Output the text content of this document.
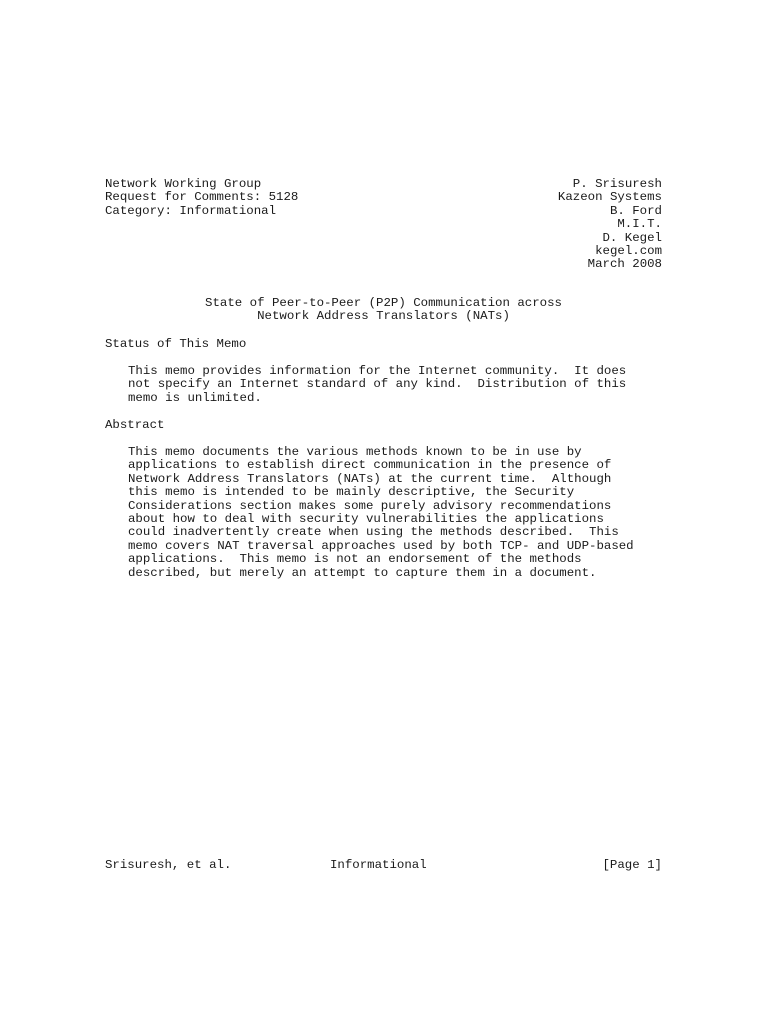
Network Working Group	P. Srisuresh
Request for Comments: 5128	Kazeon Systems
Category: Informational	B. Ford
M.I.T.
D. Kegel
kegel.com
March 2008
State of Peer-to-Peer (P2P) Communication across
Network Address Translators (NATs)
Status of This Memo
This memo provides information for the Internet community.  It does
not specify an Internet standard of any kind.  Distribution of this
memo is unlimited.
Abstract
This memo documents the various methods known to be in use by
applications to establish direct communication in the presence of
Network Address Translators (NATs) at the current time.  Although
this memo is intended to be mainly descriptive, the Security
Considerations section makes some purely advisory recommendations
about how to deal with security vulnerabilities the applications
could inadvertently create when using the methods described.  This
memo covers NAT traversal approaches used by both TCP- and UDP-based
applications.  This memo is not an endorsement of the methods
described, but merely an attempt to capture them in a document.
Srisuresh, et al.	Informational	[Page 1]
